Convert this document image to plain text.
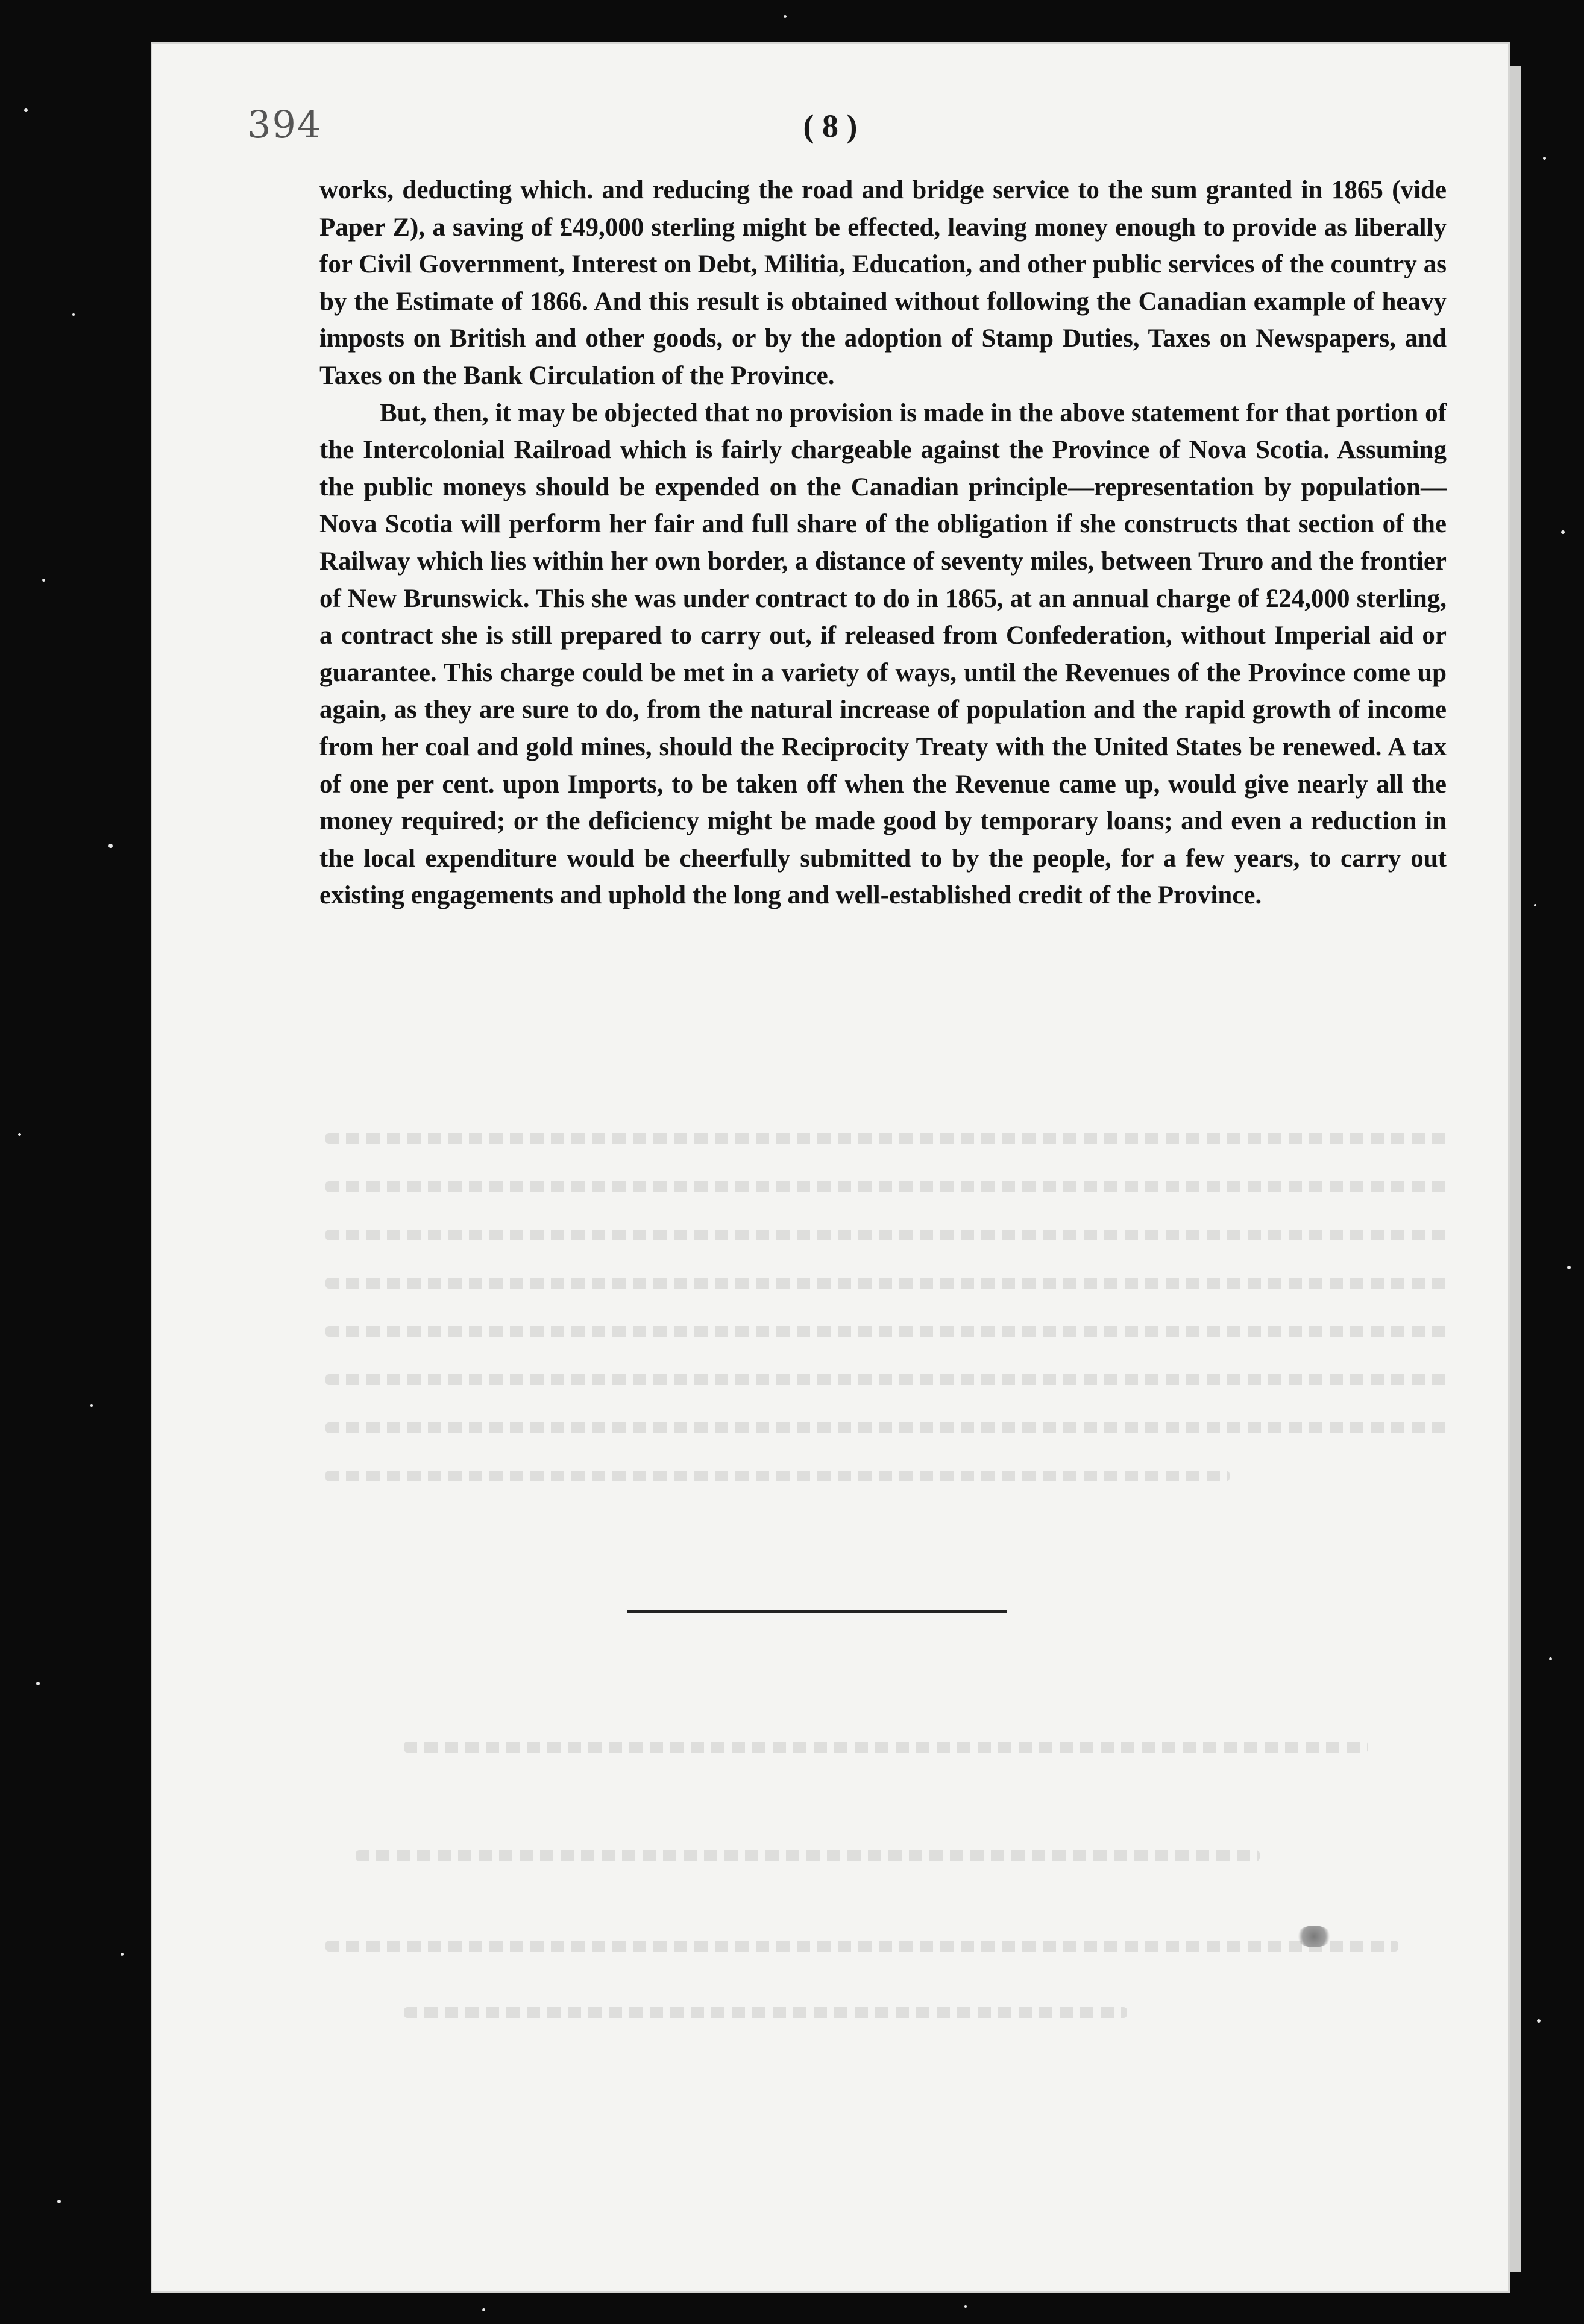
394	( 8 )

works, deducting which. and reducing the road and bridge service to the sum granted in 1865 (vide Paper Z), a saving of £49,000 sterling might be effected, leaving money enough to provide as liberally for Civil Government, Interest on Debt, Militia, Education, and other public services of the country as by the Estimate of 1866. And this result is obtained without following the Canadian example of heavy imposts on British and other goods, or by the adoption of Stamp Duties, Taxes on Newspapers, and Taxes on the Bank Circulation of the Province.

But, then, it may be objected that no provision is made in the above statement for that portion of the Intercolonial Railroad which is fairly chargeable against the Province of Nova Scotia. Assuming the public moneys should be expended on the Canadian principle—representation by population—Nova Scotia will perform her fair and full share of the obligation if she constructs that section of the Railway which lies within her own border, a distance of seventy miles, between Truro and the frontier of New Brunswick. This she was under contract to do in 1865, at an annual charge of £24,000 sterling, a contract she is still prepared to carry out, if released from Confederation, without Imperial aid or guarantee. This charge could be met in a variety of ways, until the Revenues of the Province come up again, as they are sure to do, from the natural increase of population and the rapid growth of income from her coal and gold mines, should the Reciprocity Treaty with the United States be renewed. A tax of one per cent. upon Imports, to be taken off when the Revenue came up, would give nearly all the money required; or the deficiency might be made good by temporary loans; and even a reduction in the local expenditure would be cheerfully submitted to by the people, for a few years, to carry out existing engagements and uphold the long and well-established credit of the Province.
